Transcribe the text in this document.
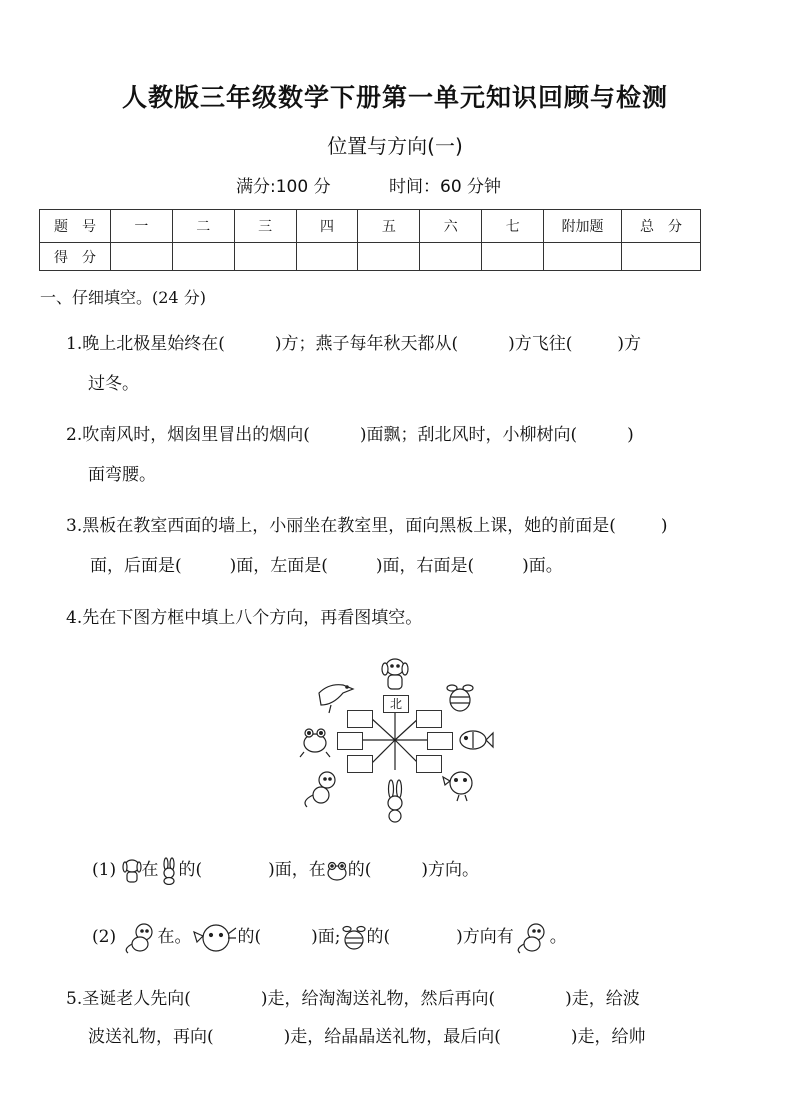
人教版三年级数学下册第一单元知识回顾与检测
位置与方向(一)
满分:100 分	时间：60 分钟
题　号	一	二	三	四	五	六	七	附加题	总　分
得　分									
一、仔细填空。(24 分)
1.晚上北极星始终在(	)方；燕子每年秋天都从(	)方飞往(	)方
过冬。
2.吹南风时，烟囱里冒出的烟向(	)面飘；刮北风时，小柳树向(	)
面弯腰。
3.黑板在教室西面的墙上，小丽坐在教室里，面向黑板上课，她的前面是(	)
面，后面是(	)面，左面是(	)面，右面是(	)面。
4.先在下图方框中填上八个方向，再看图填空。
北
(1) 在 的(	)面，在 的(	)方向。
(2) 在。	的(	)面; 的(	)方向有 。
5.圣诞老人先向(	)走，给淘淘送礼物，然后再向(	)走，给波
波送礼物，再向(	)走，给晶晶送礼物，最后向(	)走，给帅
